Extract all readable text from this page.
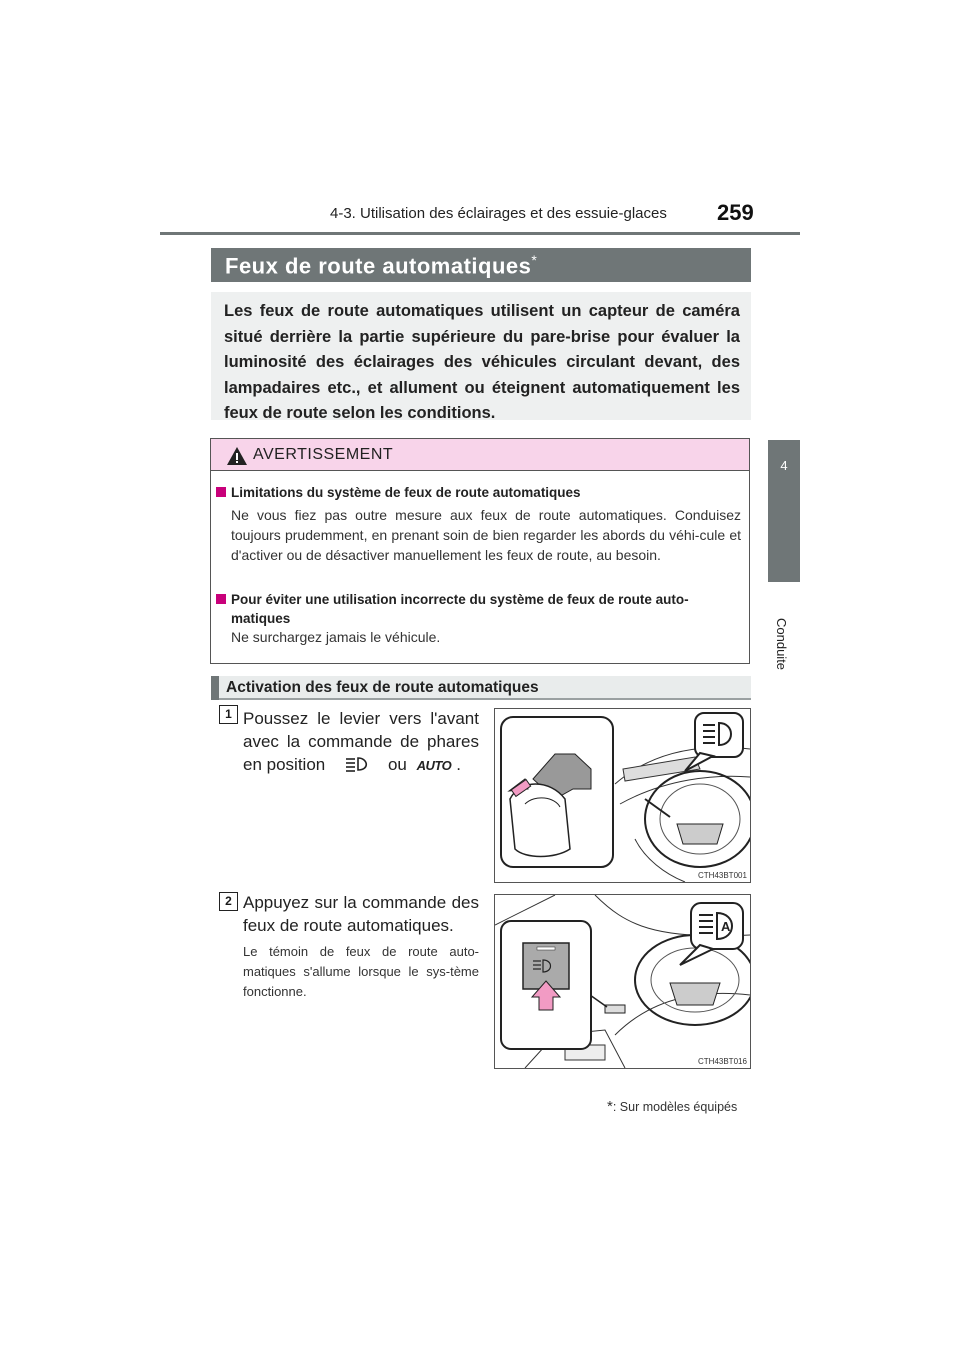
4-3. Utilisation des éclairages et des essuie-glaces 259
4
Conduite
Feux de route automatiques*
Les feux de route automatiques utilisent un capteur de caméra situé derrière la partie supérieure du pare-brise pour évaluer la luminosité des éclairages des véhicules circulant devant, des lampadaires etc., et allument ou éteignent automatiquement les feux de route selon les conditions.
AVERTISSEMENT
Limitations du système de feux de route automatiques
Ne vous fiez pas outre mesure aux feux de route automatiques. Conduisez toujours prudemment, en prenant soin de bien regarder les abords du véhi-cule et d'activer ou de désactiver manuellement les feux de route, au besoin.
Pour éviter une utilisation incorrecte du système de feux de route auto-matiques
Ne surchargez jamais le véhicule.
Activation des feux de route automatiques
1 Poussez le levier vers l'avant avec la commande de phares en position	ou AUTO .
CTH43BT001
2 Appuyez sur la commande des feux de route automatiques.
Le témoin de feux de route auto-matiques s'allume lorsque le sys-tème fonctionne.
A
CTH43BT016
*: Sur modèles équipés
